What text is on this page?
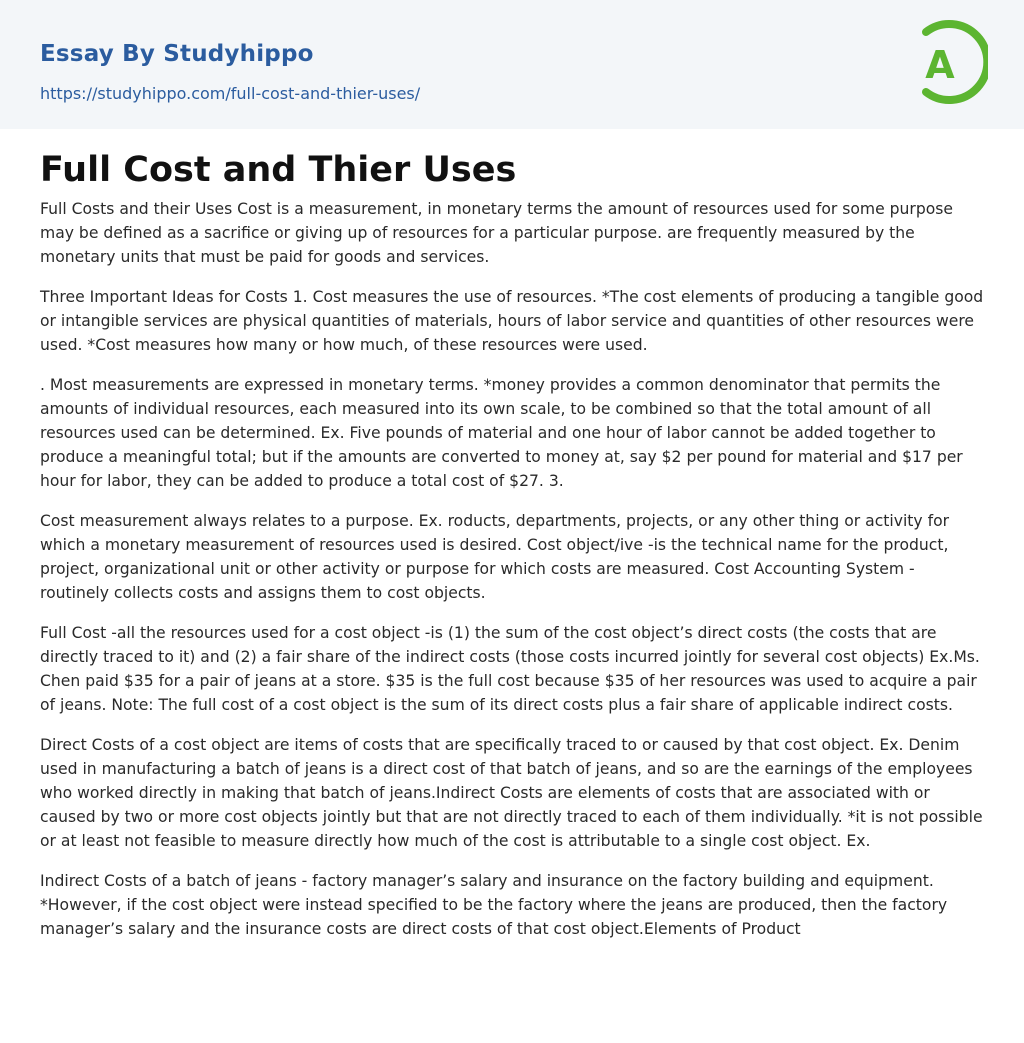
Essay By Studyhippo
https://studyhippo.com/full-cost-and-thier-uses/
A
Full Cost and Thier Uses

Full Costs and their Uses Cost is a measurement, in monetary terms the amount of resources used for some purpose may be defined as a sacrifice or giving up of resources for a particular purpose. are frequently measured by the monetary units that must be paid for goods and services.

Three Important Ideas for Costs 1. Cost measures the use of resources. *The cost elements of producing a tangible good or intangible services are physical quantities of materials, hours of labor service and quantities of other resources were used. *Cost measures how many or how much, of these resources were used.

. Most measurements are expressed in monetary terms. *money provides a common denominator that permits the amounts of individual resources, each measured into its own scale, to be combined so that the total amount of all resources used can be determined. Ex. Five pounds of material and one hour of labor cannot be added together to produce a meaningful total; but if the amounts are converted to money at, say $2 per pound for material and $17 per hour for labor, they can be added to produce a total cost of $27. 3.

Cost measurement always relates to a purpose. Ex. roducts, departments, projects, or any other thing or activity for which a monetary measurement of resources used is desired. Cost object/ive -is the technical name for the product, project, organizational unit or other activity or purpose for which costs are measured. Cost Accounting System - routinely collects costs and assigns them to cost objects.

Full Cost -all the resources used for a cost object -is (1) the sum of the cost object’s direct costs (the costs that are directly traced to it) and (2) a fair share of the indirect costs (those costs incurred jointly for several cost objects) Ex.Ms. Chen paid $35 for a pair of jeans at a store. $35 is the full cost because $35 of her resources was used to acquire a pair of jeans. Note: The full cost of a cost object is the sum of its direct costs plus a fair share of applicable indirect costs.

Direct Costs of a cost object are items of costs that are specifically traced to or caused by that cost object. Ex. Denim used in manufacturing a batch of jeans is a direct cost of that batch of jeans, and so are the earnings of the employees who worked directly in making that batch of jeans.Indirect Costs are elements of costs that are associated with or caused by two or more cost objects jointly but that are not directly traced to each of them individually. *it is not possible or at least not feasible to measure directly how much of the cost is attributable to a single cost object. Ex.

Indirect Costs of a batch of jeans - factory manager’s salary and insurance on the factory building and equipment. *However, if the cost object were instead specified to be the factory where the jeans are produced, then the factory manager’s salary and the insurance costs are direct costs of that cost object.Elements of Product
